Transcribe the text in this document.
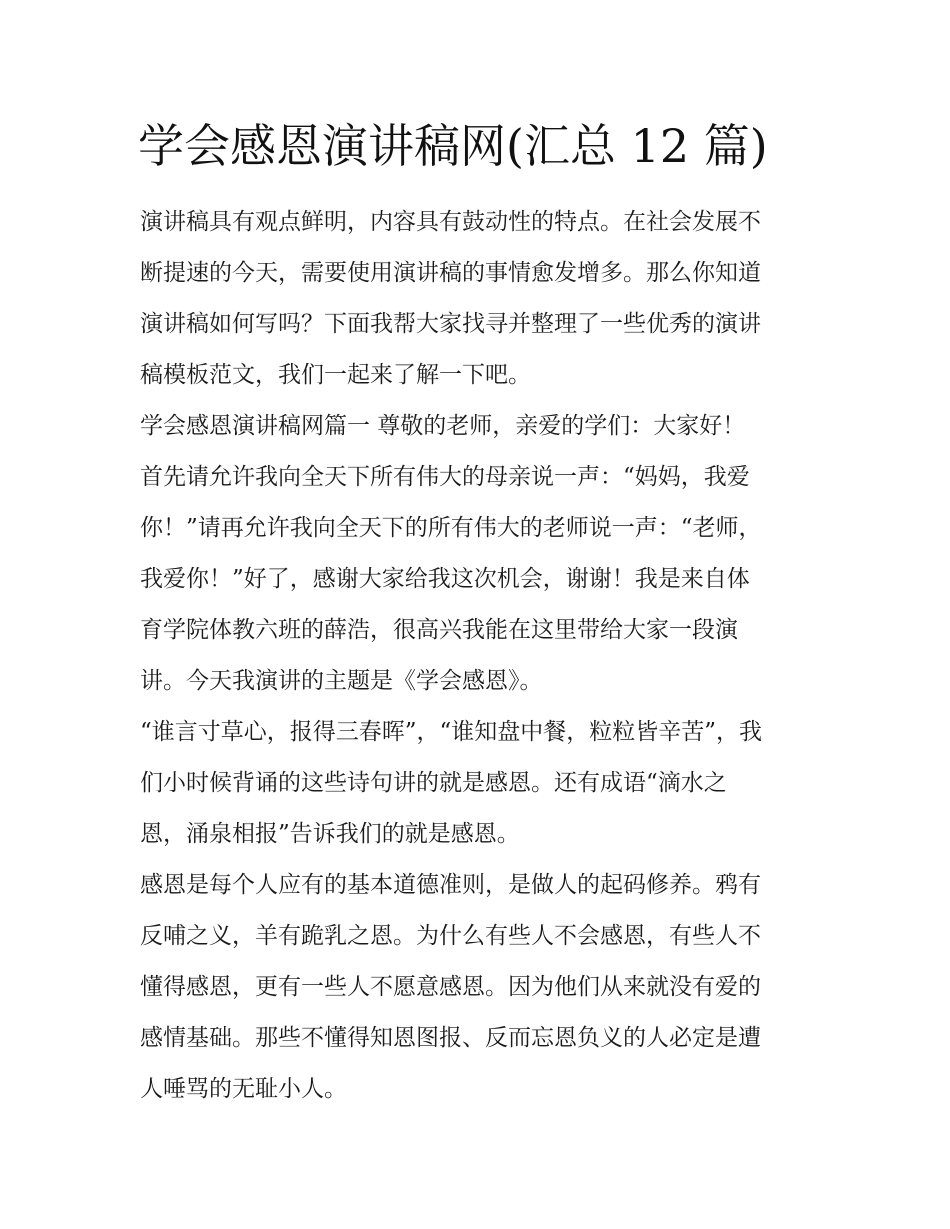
学会感恩演讲稿网(汇总 12 篇)
演讲稿具有观点鲜明，内容具有鼓动性的特点。在社会发展不
断提速的今天，需要使用演讲稿的事情愈发增多。那么你知道
演讲稿如何写吗？下面我帮大家找寻并整理了一些优秀的演讲
稿模板范文，我们一起来了解一下吧。
学会感恩演讲稿网篇一 尊敬的老师，亲爱的学们：大家好！
首先请允许我向全天下所有伟大的母亲说一声：“妈妈，我爱
你！”请再允许我向全天下的所有伟大的老师说一声：“老师，
我爱你！”好了，感谢大家给我这次机会，谢谢！我是来自体
育学院体教六班的薛浩，很高兴我能在这里带给大家一段演
讲。今天我演讲的主题是《学会感恩》。
“谁言寸草心，报得三春晖”，“谁知盘中餐，粒粒皆辛苦”，我
们小时候背诵的这些诗句讲的就是感恩。还有成语“滴水之
恩，涌泉相报”告诉我们的就是感恩。
感恩是每个人应有的基本道德准则，是做人的起码修养。鸦有
反哺之义，羊有跪乳之恩。为什么有些人不会感恩，有些人不
懂得感恩，更有一些人不愿意感恩。因为他们从来就没有爱的
感情基础。那些不懂得知恩图报、反而忘恩负义的人必定是遭
人唾骂的无耻小人。
